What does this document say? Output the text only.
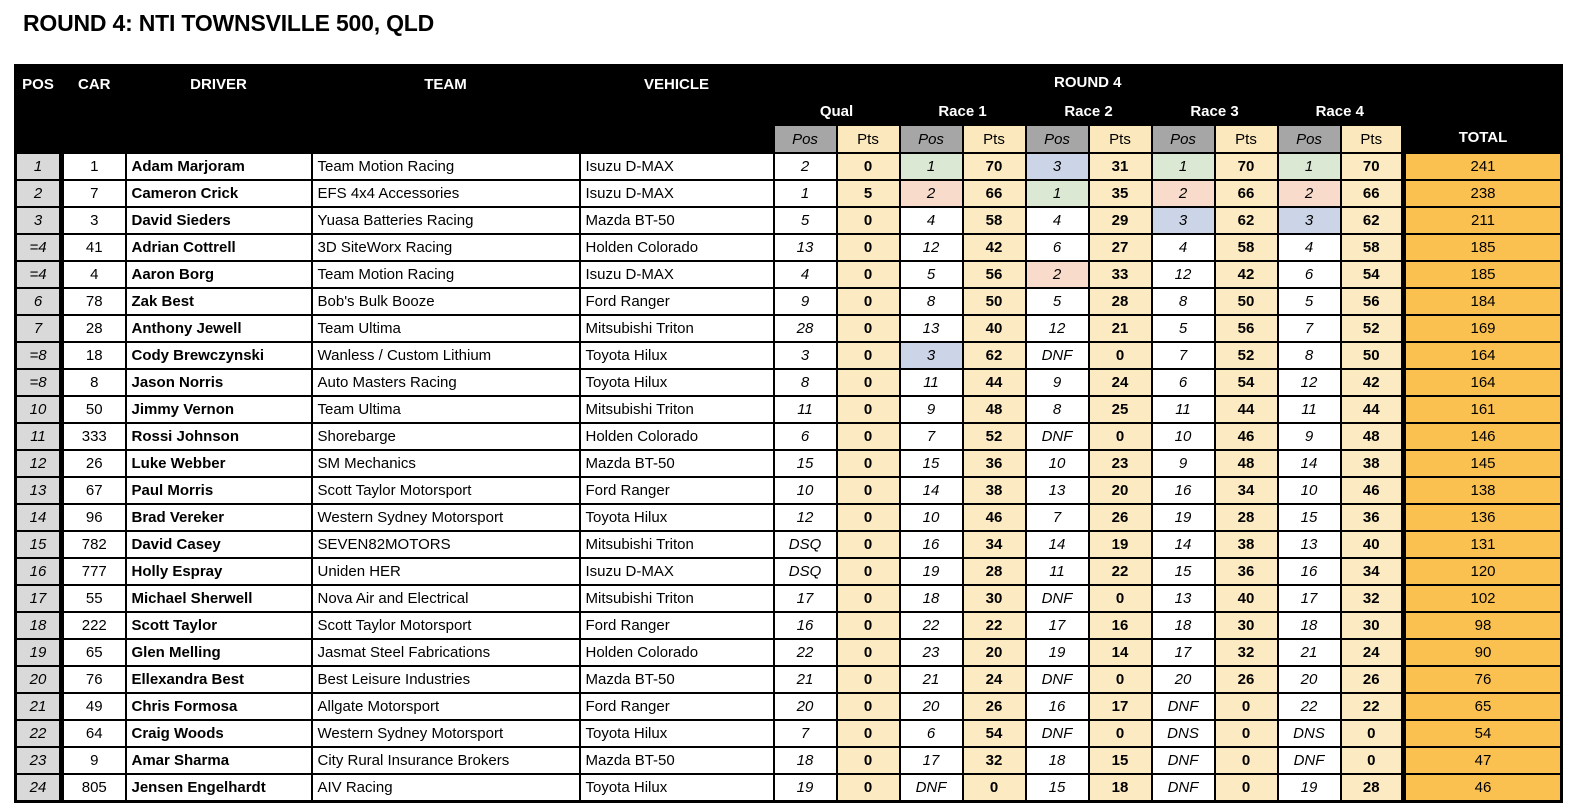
ROUND 4: NTI TOWNSVILLE 500, QLD
POS	CAR	DRIVER	TEAM	VEHICLE	ROUND 4										TOTAL
					Qual		Race 1		Race 2		Race 3		Race 4		
					Pos	Pts	Pos	Pts	Pos	Pts	Pos	Pts	Pos	Pts	
1	1	Adam Marjoram	Team Motion Racing	Isuzu D-MAX	2	0	1	70	3	31	1	70	1	70	241
2	7	Cameron Crick	EFS 4x4 Accessories	Isuzu D-MAX	1	5	2	66	1	35	2	66	2	66	238
3	3	David Sieders	Yuasa Batteries Racing	Mazda BT-50	5	0	4	58	4	29	3	62	3	62	211
=4	41	Adrian Cottrell	3D SiteWorx Racing	Holden Colorado	13	0	12	42	6	27	4	58	4	58	185
=4	4	Aaron Borg	Team Motion Racing	Isuzu D-MAX	4	0	5	56	2	33	12	42	6	54	185
6	78	Zak Best	Bob's Bulk Booze	Ford Ranger	9	0	8	50	5	28	8	50	5	56	184
7	28	Anthony Jewell	Team Ultima	Mitsubishi Triton	28	0	13	40	12	21	5	56	7	52	169
=8	18	Cody Brewczynski	Wanless / Custom Lithium	Toyota Hilux	3	0	3	62	DNF	0	7	52	8	50	164
=8	8	Jason Norris	Auto Masters Racing	Toyota Hilux	8	0	11	44	9	24	6	54	12	42	164
10	50	Jimmy Vernon	Team Ultima	Mitsubishi Triton	11	0	9	48	8	25	11	44	11	44	161
11	333	Rossi Johnson	Shorebarge	Holden Colorado	6	0	7	52	DNF	0	10	46	9	48	146
12	26	Luke Webber	SM Mechanics	Mazda BT-50	15	0	15	36	10	23	9	48	14	38	145
13	67	Paul Morris	Scott Taylor Motorsport	Ford Ranger	10	0	14	38	13	20	16	34	10	46	138
14	96	Brad Vereker	Western Sydney Motorsport	Toyota Hilux	12	0	10	46	7	26	19	28	15	36	136
15	782	David Casey	SEVEN82MOTORS	Mitsubishi Triton	DSQ	0	16	34	14	19	14	38	13	40	131
16	777	Holly Espray	Uniden HER	Isuzu D-MAX	DSQ	0	19	28	11	22	15	36	16	34	120
17	55	Michael Sherwell	Nova Air and Electrical	Mitsubishi Triton	17	0	18	30	DNF	0	13	40	17	32	102
18	222	Scott Taylor	Scott Taylor Motorsport	Ford Ranger	16	0	22	22	17	16	18	30	18	30	98
19	65	Glen Melling	Jasmat Steel Fabrications	Holden Colorado	22	0	23	20	19	14	17	32	21	24	90
20	76	Ellexandra Best	Best Leisure Industries	Mazda BT-50	21	0	21	24	DNF	0	20	26	20	26	76
21	49	Chris Formosa	Allgate Motorsport	Ford Ranger	20	0	20	26	16	17	DNF	0	22	22	65
22	64	Craig Woods	Western Sydney Motorsport	Toyota Hilux	7	0	6	54	DNF	0	DNS	0	DNS	0	54
23	9	Amar Sharma	City Rural Insurance Brokers	Mazda BT-50	18	0	17	32	18	15	DNF	0	DNF	0	47
24	805	Jensen Engelhardt	AIV Racing	Toyota Hilux	19	0	DNF	0	15	18	DNF	0	19	28	46
